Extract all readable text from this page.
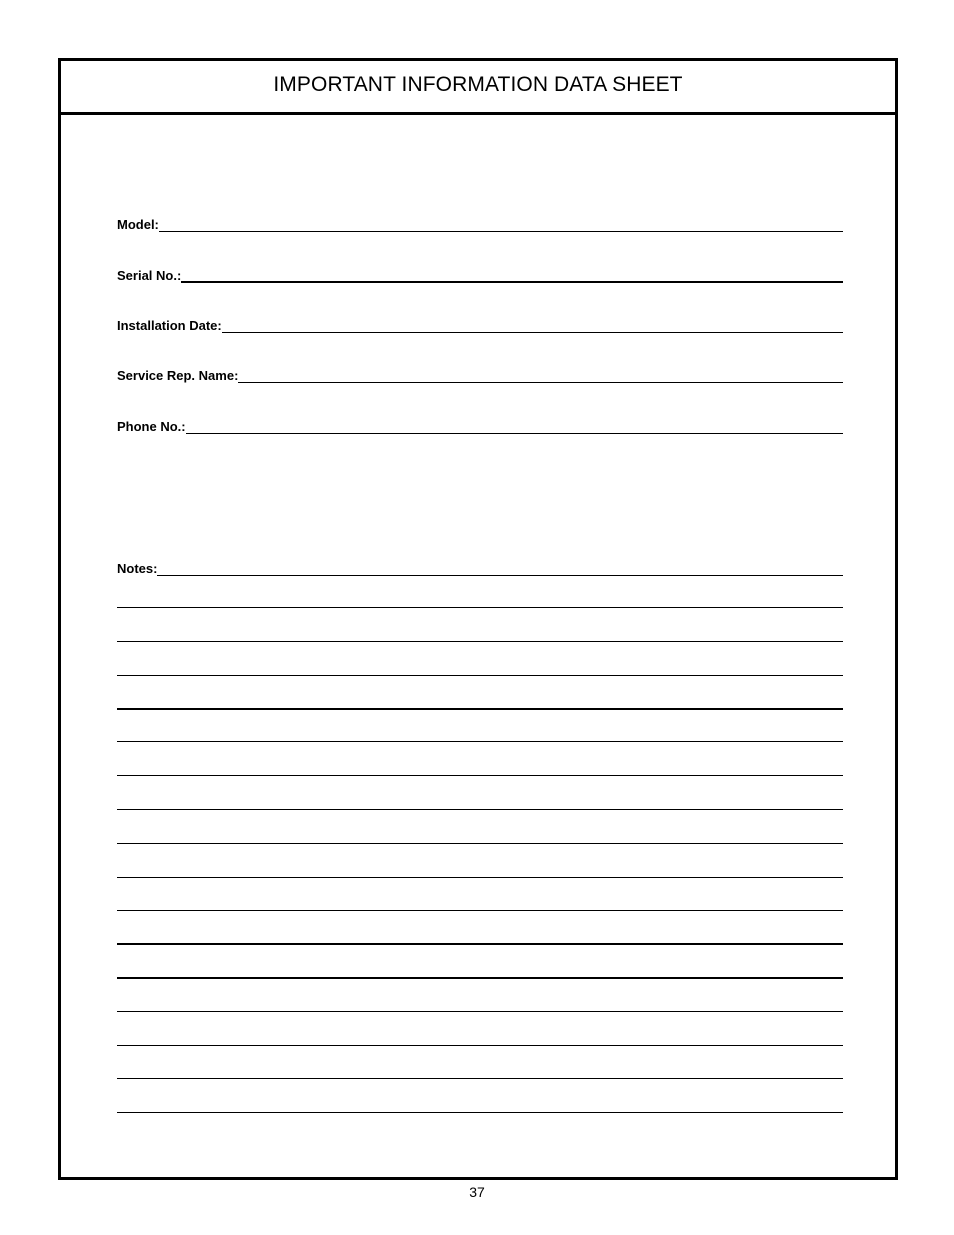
IMPORTANT INFORMATION DATA SHEET
Model:
Serial No.:
Installation Date:
Service Rep. Name:
Phone No.:
Notes:
37
